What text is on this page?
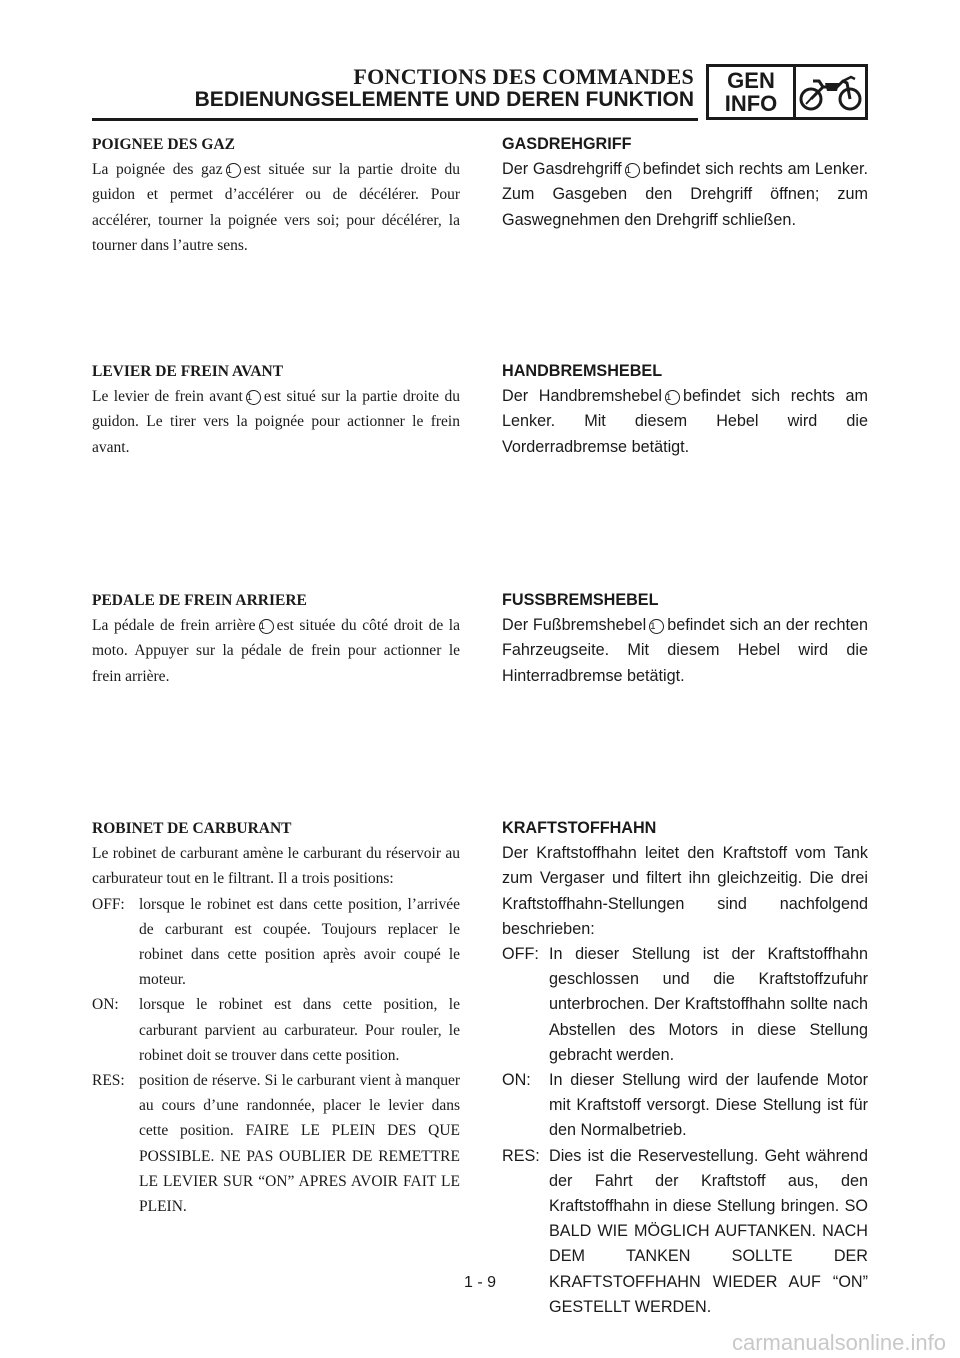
FONCTIONS DES COMMANDES
BEDIENUNGSELEMENTE UND DEREN FUNKTION
GEN
INFO
POIGNEE DES GAZ

La poignée des gaz 1 est située sur la partie droite du guidon et permet d’accélérer ou de décélérer. Pour accélérer, tourner la poignée vers soi; pour décélérer, la tourner dans l’autre sens.

LEVIER DE FREIN AVANT

Le levier de frein avant 1 est situé sur la partie droite du guidon. Le tirer vers la poignée pour actionner le frein avant.

PEDALE DE FREIN ARRIERE

La pédale de frein arrière 1 est située du côté droit de la moto. Appuyer sur la pédale de frein pour actionner le frein arrière.

ROBINET DE CARBURANT

Le robinet de carburant amène le carburant du réservoir au carburateur tout en le filtrant. Il a trois positions:

OFF: lorsque le robinet est dans cette position, l’arrivée de carburant est coupée. Toujours replacer le robinet dans cette position après avoir coupé le moteur.
ON:	lorsque le robinet est dans cette position, le carburant parvient au carburateur. Pour rouler, le robinet doit se trouver dans cette position.
RES: position de réserve. Si le carburant vient à manquer au cours d’une randonnée, placer le levier dans cette position. FAIRE LE PLEIN DES QUE POSSIBLE. NE PAS OUBLIER DE REMETTRE LE LEVIER SUR “ON” APRES AVOIR FAIT LE PLEIN.
GASDREHGRIFF

Der Gasdrehgriff 1 befindet sich rechts am Lenker. Zum Gasgeben den Drehgriff öffnen; zum Gaswegnehmen den Drehgriff schließen.

HANDBREMSHEBEL

Der Handbremshebel 1 befindet sich rechts am Lenker. Mit diesem Hebel wird die Vorderradbremse betätigt.

FUSSBREMSHEBEL

Der Fußbremshebel 1 befindet sich an der rechten Fahrzeugseite. Mit diesem Hebel wird die Hinterradbremse betätigt.

KRAFTSTOFFHAHN

Der Kraftstoffhahn leitet den Kraftstoff vom Tank zum Vergaser und filtert ihn gleichzeitig. Die drei Kraftstoffhahn-Stellungen sind nachfolgend beschrieben:

OFF: In dieser Stellung ist der Kraftstoffhahn geschlossen und die Kraftstoffzufuhr unterbrochen. Der Kraftstoffhahn sollte nach Abstellen des Motors in diese Stellung gebracht werden.
ON:	In dieser Stellung wird der laufende Motor mit Kraftstoff versorgt. Diese Stellung ist für den Normalbetrieb.
RES: Dies ist die Reservestellung. Geht während der Fahrt der Kraftstoff aus, den Kraftstoffhahn in diese Stellung bringen. SO BALD WIE MÖGLICH AUFTANKEN. NACH DEM TANKEN SOLLTE DER KRAFTSTOFFHAHN WIEDER AUF “ON” GESTELLT WERDEN.
1 - 9
carmanualsonline.info
